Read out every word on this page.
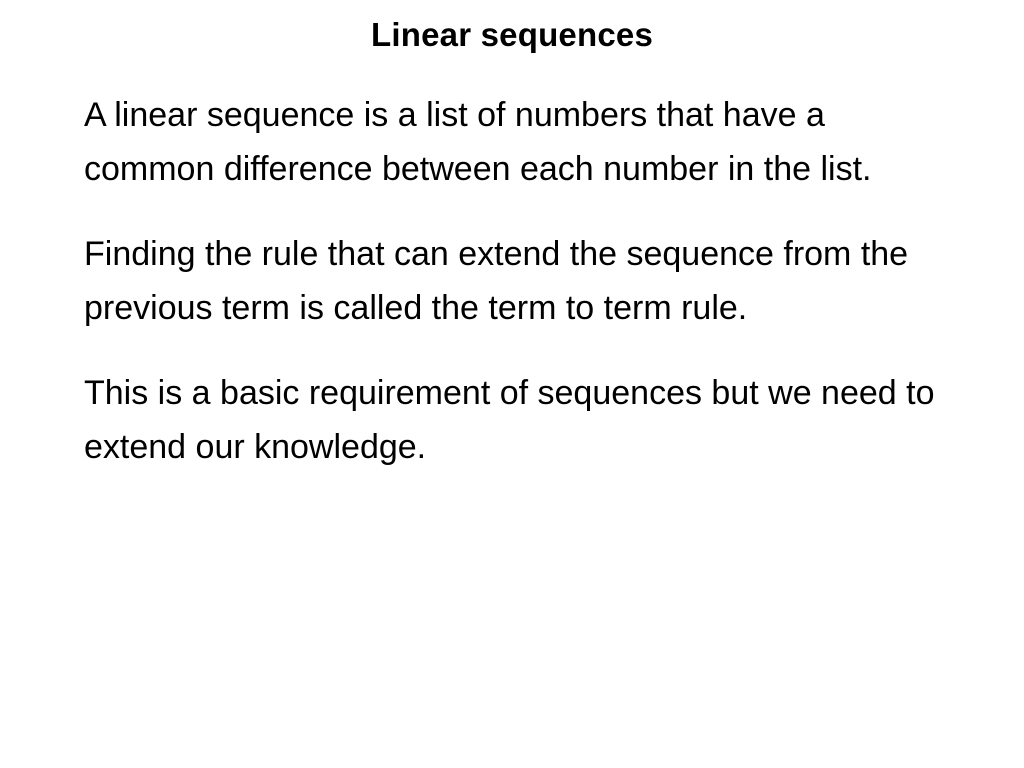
Linear sequences

A linear sequence is a list of numbers that have a  common difference between each number in the list.

Finding the rule that can extend the sequence from the previous term is called the term to term rule.

This is a basic requirement of sequences but we need to extend our knowledge.
